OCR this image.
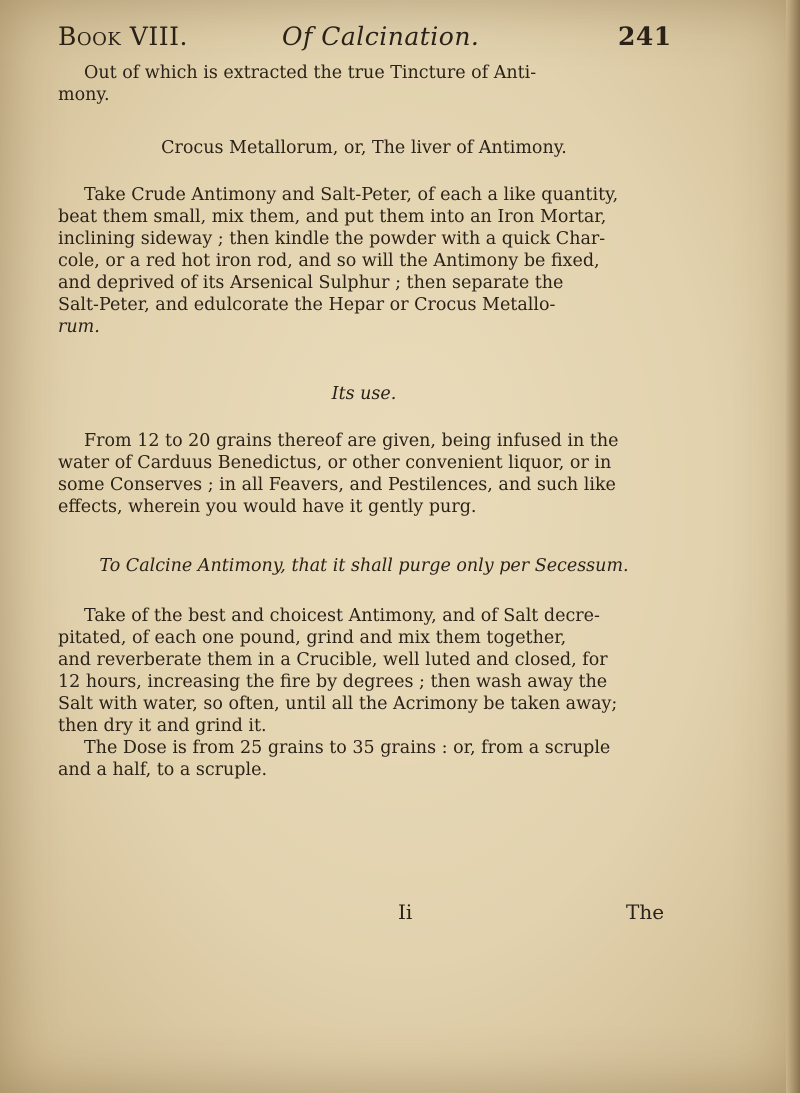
Book VIII.	Of Calcination.	241

Out of which is extracted the true Tincture of Anti-

mony.

Crocus Metallorum, or, The liver of Antimony.

Take Crude Antimony and Salt-Peter, of each a like quantity,

beat them small, mix them, and put them into an Iron Mortar,

inclining sideway ; then kindle the powder with a quick Char-

cole, or a red hot iron rod, and so will the Antimony be fixed,

and deprived of its Arsenical Sulphur ; then separate the

Salt-Peter, and edulcorate the Hepar or Crocus Metallo-

rum.

Its use.

From 12 to 20 grains thereof are given, being infused in the

water of Carduus Benedictus, or other convenient liquor, or in

some Conserves ; in all Feavers, and Pestilences, and such like

effects, wherein you would have it gently purg.

To Calcine Antimony, that it shall purge only per Secessum.

Take of the best and choicest Antimony, and of Salt decre-

pitated, of each one pound, grind and mix them together,

and reverberate them in a Crucible, well luted and closed, for

12 hours, increasing the fire by degrees ; then wash away the

Salt with water, so often, until all the Acrimony be taken away;

then dry it and grind it.

The Dose is from 25 grains to 35 grains : or, from a scruple

and a half, to a scruple.

Ii	The
